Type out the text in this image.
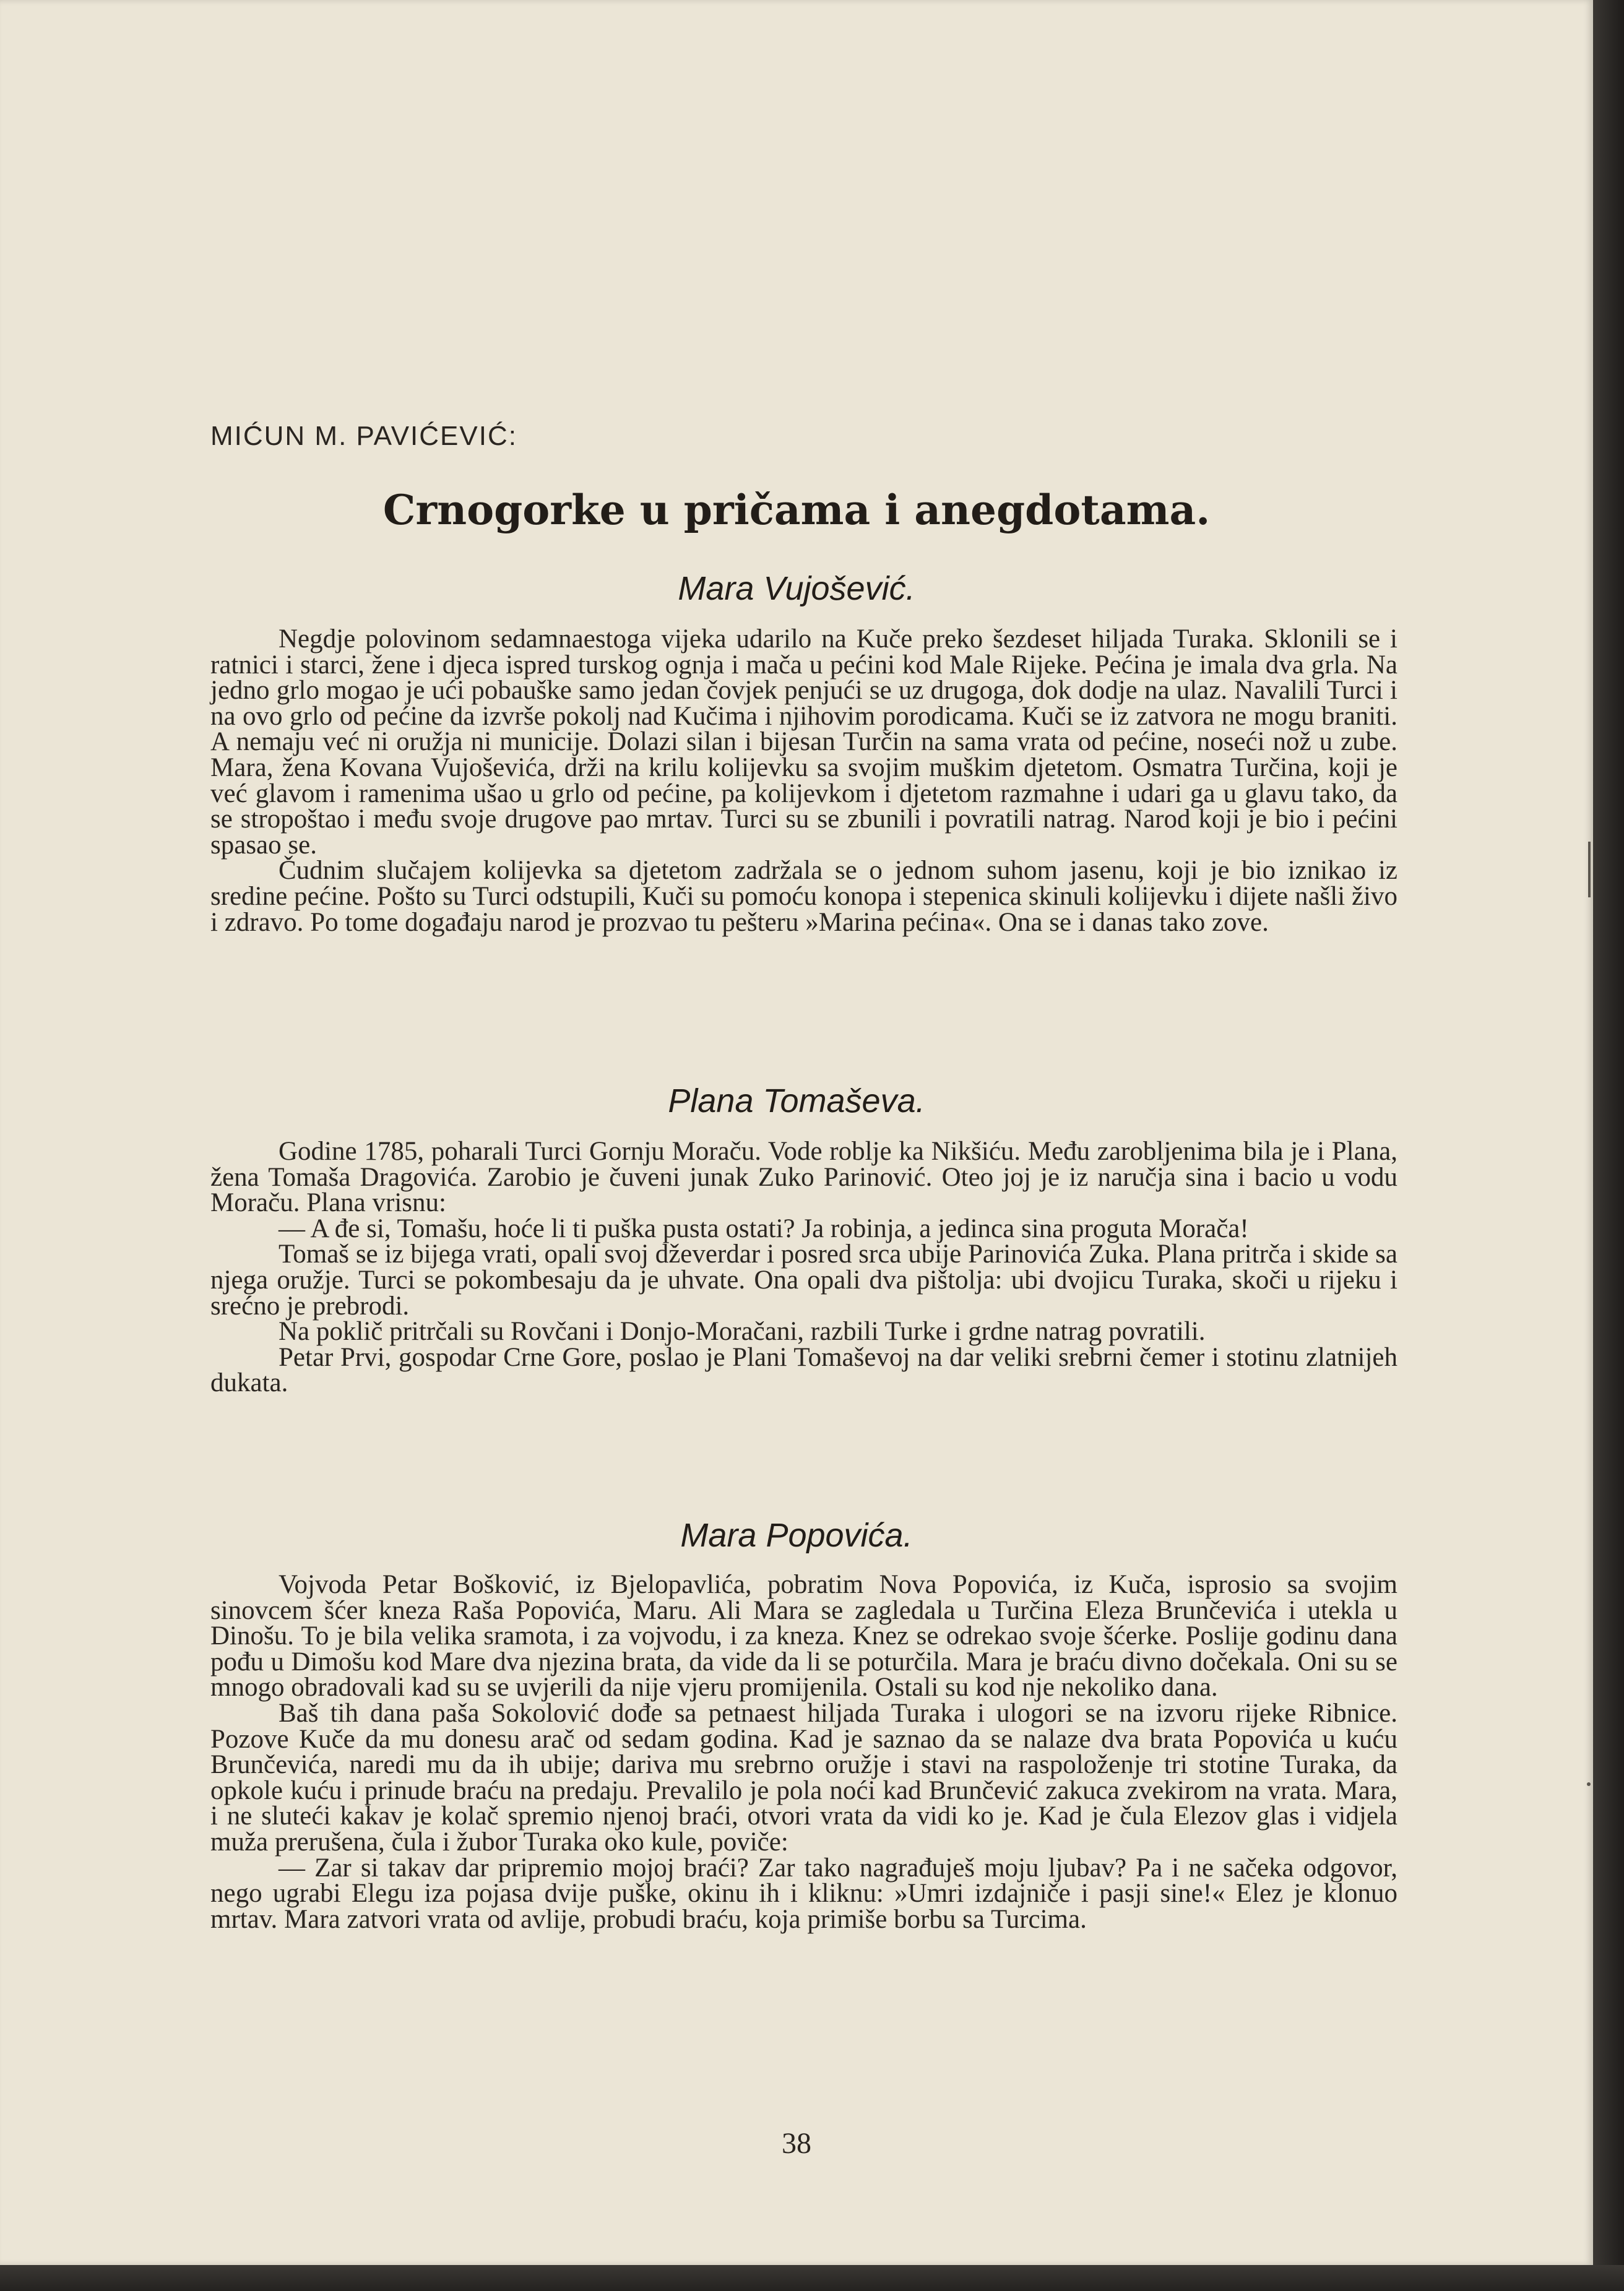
MIĆUN M. PAVIĆEVIĆ:
Crnogorke u pričama i anegdotama.
Mara Vujošević.

Negdje polovinom sedamnaestoga vijeka udarilo na Kuče preko šezdeset hiljada Turaka. Sklonili se i ratnici i starci, žene i djeca ispred turskog ognja i mača u pećini kod Male Rijeke. Pećina je imala dva grla. Na jedno grlo mogao je ući pobauške samo jedan čovjek penjući se uz drugoga, dok dodje na ulaz. Navalili Turci i na ovo grlo od pećine da izvrše pokolj nad Kučima i njihovim porodicama. Kuči se iz zatvora ne mogu braniti. A nemaju već ni oružja ni municije. Dolazi silan i bijesan Turčin na sama vrata od pećine, noseći nož u zube. Mara, žena Kovana Vujoševića, drži na krilu kolijevku sa svojim muškim djetetom. Osmatra Turčina, koji je već glavom i ramenima ušao u grlo od pećine, pa kolijevkom i djetetom razmahne i udari ga u glavu tako, da se stropoštao i među svoje drugove pao mrtav. Turci su se zbunili i povratili natrag. Narod koji je bio i pećini spasao se.

Čudnim slučajem kolijevka sa djetetom zadržala se o jednom suhom jasenu, koji je bio iznikao iz sredine pećine. Pošto su Turci odstupili, Kuči su pomoću konopa i stepenica skinuli kolijevku i dijete našli živo i zdravo. Po tome događaju narod je prozvao tu pešteru »Marina pećina«. Ona se i danas tako zove.

Plana Tomaševa.

Godine 1785, poharali Turci Gornju Moraču. Vode roblje ka Nikšiću. Među zarobljenima bila je i Plana, žena Tomaša Dragovića. Zarobio je čuveni junak Zuko Parinović. Oteo joj je iz naručja sina i bacio u vodu Moraču. Plana vrisnu:

— A đe si, Tomašu, hoće li ti puška pusta ostati? Ja robinja, a jedinca sina proguta Morača!

Tomaš se iz bijega vrati, opali svoj dževerdar i posred srca ubije Parinovića Zuka. Plana pritrča i skide sa njega oružje. Turci se pokombesaju da je uhvate. Ona opali dva pištolja: ubi dvojicu Turaka, skoči u rijeku i srećno je prebrodi.

Na poklič pritrčali su Rovčani i Donjo-Moračani, razbili Turke i grdne natrag povratili.

Petar Prvi, gospodar Crne Gore, poslao je Plani Tomaševoj na dar veliki srebrni čemer i stotinu zlatnijeh dukata.

Mara Popovića.

Vojvoda Petar Bošković, iz Bjelopavlića, pobratim Nova Popovića, iz Kuča, isprosio sa svojim sinovcem šćer kneza Raša Popovića, Maru. Ali Mara se zagledala u Turčina Eleza Brunčevića i utekla u Dinošu. To je bila velika sramota, i za vojvodu, i za kneza. Knez se odrekao svoje šćerke. Poslije godinu dana pođu u Dimošu kod Mare dva njezina brata, da vide da li se poturčila. Mara je braću divno dočekala. Oni su se mnogo obradovali kad su se uvjerili da nije vjeru promijenila. Ostali su kod nje nekoliko dana.

Baš tih dana paša Sokolović dođe sa petnaest hiljada Turaka i ulogori se na izvoru rijeke Ribnice. Pozove Kuče da mu donesu arač od sedam godina. Kad je saznao da se nalaze dva brata Popovića u kuću Brunčevića, naredi mu da ih ubije; dariva mu srebrno oružje i stavi na raspoloženje tri stotine Turaka, da opkole kuću i prinude braću na predaju. Prevalilo je pola noći kad Brunčević zakuca zvekirom na vrata. Mara, i ne sluteći kakav je kolač spremio njenoj braći, otvori vrata da vidi ko je. Kad je čula Elezov glas i vidjela muža prerušena, čula i žubor Turaka oko kule, poviče:

— Zar si takav dar pripremio mojoj braći? Zar tako nagrađuješ moju ljubav? Pa i ne sačeka odgovor, nego ugrabi Elegu iza pojasa dvije puške, okinu ih i kliknu: »Umri izdajniče i pasji sine!« Elez je klonuo mrtav. Mara zatvori vrata od avlije, probudi braću, koja primiše borbu sa Turcima.

38
